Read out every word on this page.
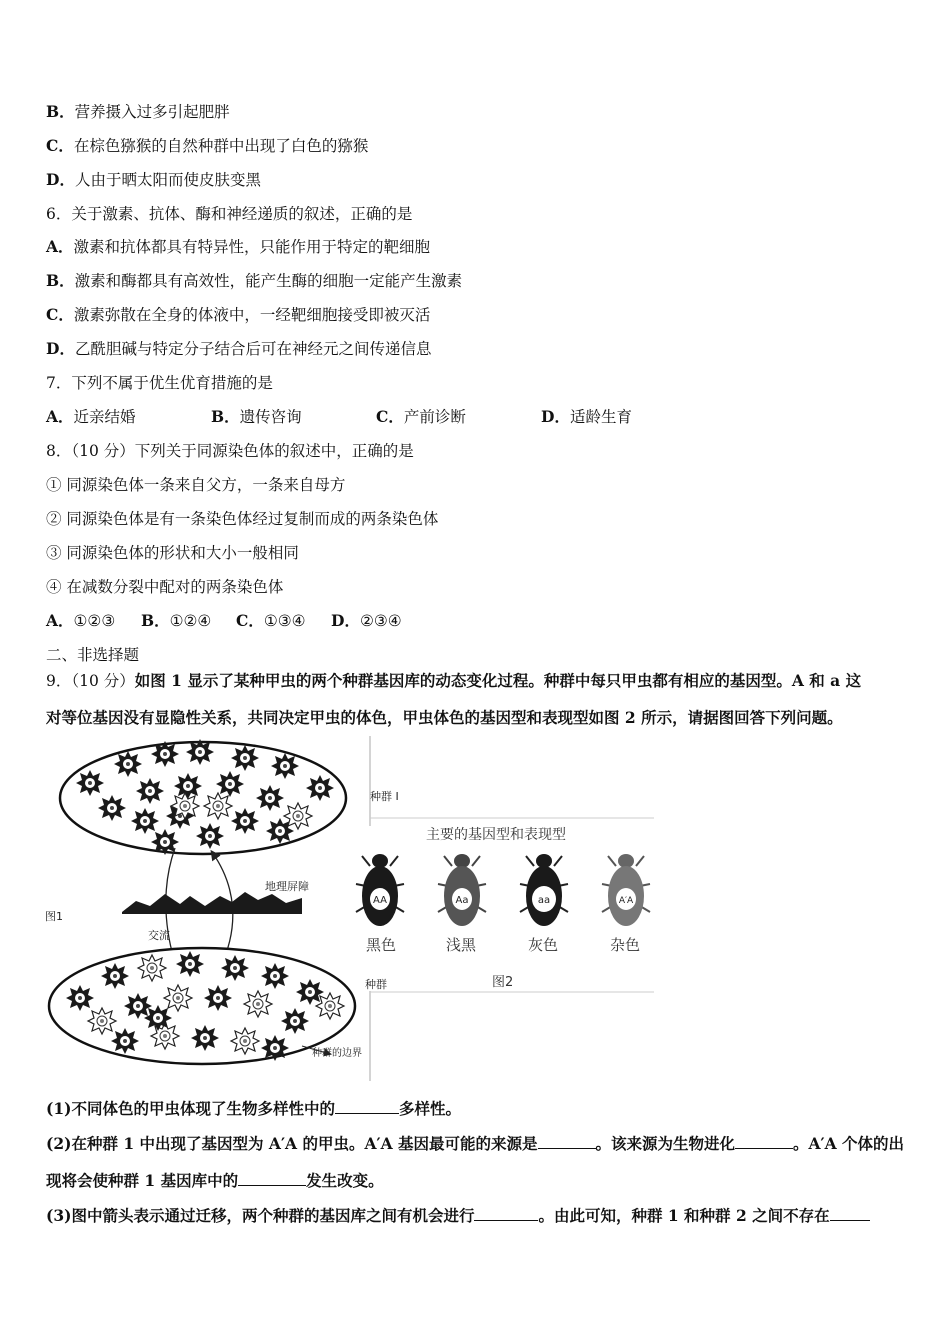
B．营养摄入过多引起肥胖
C．在棕色猕猴的自然种群中出现了白色的猕猴
D．人由于晒太阳而使皮肤变黑
6．关于激素、抗体、酶和神经递质的叙述，正确的是
A．激素和抗体都具有特异性，只能作用于特定的靶细胞
B．激素和酶都具有高效性，能产生酶的细胞一定能产生激素
C．激素弥散在全身的体液中，一经靶细胞接受即被灭活
D．乙酰胆碱与特定分子结合后可在神经元之间传递信息
7．下列不属于优生优育措施的是
A．近亲结婚	B．遗传咨询	C．产前诊断	D．适龄生育
8．（10 分）下列关于同源染色体的叙述中，正确的是
① 同源染色体一条来自父方，一条来自母方
② 同源染色体是有一条染色体经过复制而成的两条染色体
③ 同源染色体的形状和大小一般相同
④ 在减数分裂中配对的两条染色体
A．①②③ B．①②④ C．①③④ D．②③④
二、非选择题
9．（10 分）如图 1 显示了某种甲虫的两个种群基因库的动态变化过程。种群中每只甲虫都有相应的基因型。A 和 a 这
对等位基因没有显隐性关系，共同决定甲虫的体色，甲虫体色的基因型和表现型如图 2 所示，请据图回答下列问题。
种群 I
地理屏障
图1
交流
种群
种群的边界
主要的基因型和表现型
AA
黑色
Aa
浅黑
aa
灰色
A′A
杂色
图2
(1)不同体色的甲虫体现了生物多样性中的	多样性。
(2)在种群 1 中出现了基因型为 A′A 的甲虫。A′A 基因最可能的来源是	。该来源为生物进化	。A′A 个体的出
现将会使种群 1 基因库中的	发生改变。
(3)图中箭头表示通过迁移，两个种群的基因库之间有机会进行	。由此可知，种群 1 和种群 2 之间不存在
